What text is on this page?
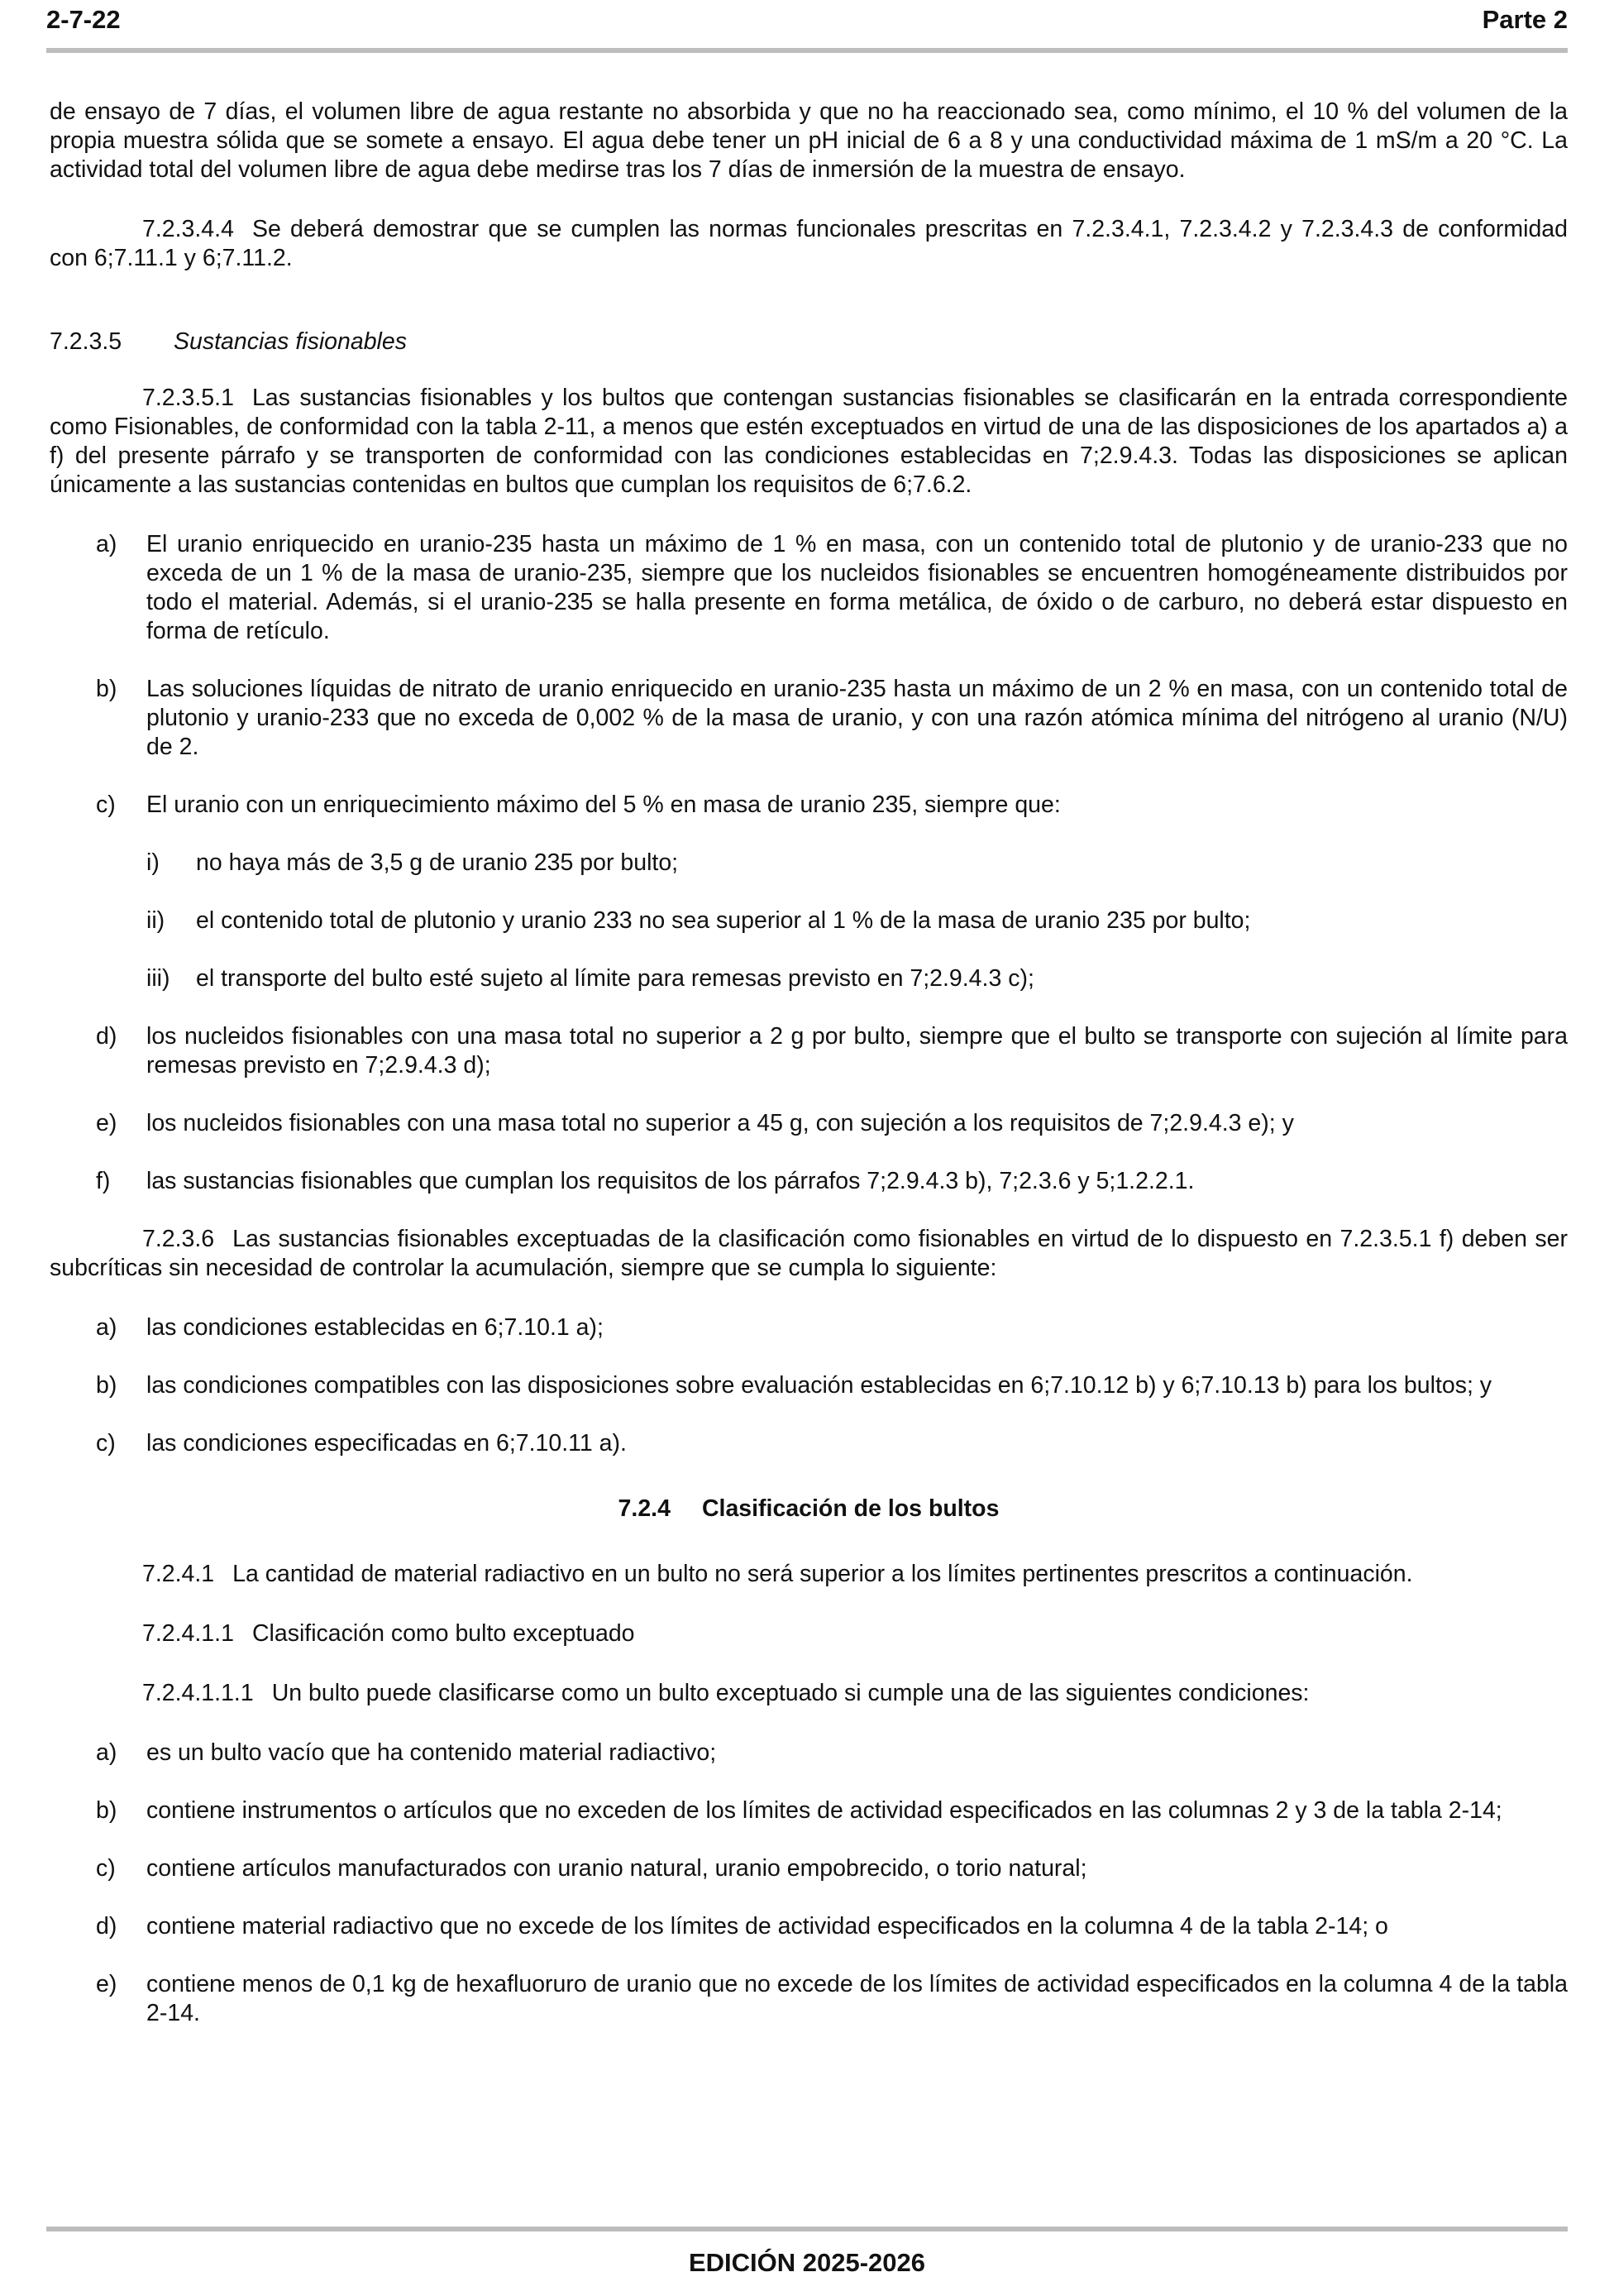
2-7-22	Parte 2

de ensayo de 7 días, el volumen libre de agua restante no absorbida y que no ha reaccionado sea, como mínimo, el 10 % del volumen de la propia muestra sólida que se somete a ensayo. El agua debe tener un pH inicial de 6 a 8 y una conductividad máxima de 1 mS/m a 20 °C. La actividad total del volumen libre de agua debe medirse tras los 7 días de inmersión de la muestra de ensayo.

7.2.3.4.4 Se deberá demostrar que se cumplen las normas funcionales prescritas en 7.2.3.4.1, 7.2.3.4.2 y 7.2.3.4.3 de conformidad con 6;7.11.1 y 6;7.11.2.

7.2.3.5 Sustancias fisionables

7.2.3.5.1 Las sustancias fisionables y los bultos que contengan sustancias fisionables se clasificarán en la entrada correspondiente como Fisionables, de conformidad con la tabla 2-11, a menos que estén exceptuados en virtud de una de las disposiciones de los apartados a) a f) del presente párrafo y se transporten de conformidad con las condiciones establecidas en 7;2.9.4.3. Todas las disposiciones se aplican únicamente a las sustancias contenidas en bultos que cumplan los requisitos de 6;7.6.2.

a) El uranio enriquecido en uranio-235 hasta un máximo de 1 % en masa, con un contenido total de plutonio y de uranio-233 que no exceda de un 1 % de la masa de uranio-235, siempre que los nucleidos fisionables se encuentren homogéneamente distribuidos por todo el material. Además, si el uranio-235 se halla presente en forma metálica, de óxido o de carburo, no deberá estar dispuesto en forma de retículo.
b) Las soluciones líquidas de nitrato de uranio enriquecido en uranio-235 hasta un máximo de un 2 % en masa, con un contenido total de plutonio y uranio-233 que no exceda de 0,002 % de la masa de uranio, y con una razón atómica mínima del nitrógeno al uranio (N/U) de 2.
c) El uranio con un enriquecimiento máximo del 5 % en masa de uranio 235, siempre que:
i) no haya más de 3,5 g de uranio 235 por bulto;
ii) el contenido total de plutonio y uranio 233 no sea superior al 1 % de la masa de uranio 235 por bulto;
iii) el transporte del bulto esté sujeto al límite para remesas previsto en 7;2.9.4.3 c);
d) los nucleidos fisionables con una masa total no superior a 2 g por bulto, siempre que el bulto se transporte con sujeción al límite para remesas previsto en 7;2.9.4.3 d);
e) los nucleidos fisionables con una masa total no superior a 45 g, con sujeción a los requisitos de 7;2.9.4.3 e); y
f) las sustancias fisionables que cumplan los requisitos de los párrafos 7;2.9.4.3 b), 7;2.3.6 y 5;1.2.2.1.

7.2.3.6 Las sustancias fisionables exceptuadas de la clasificación como fisionables en virtud de lo dispuesto en 7.2.3.5.1 f) deben ser subcríticas sin necesidad de controlar la acumulación, siempre que se cumpla lo siguiente:

a) las condiciones establecidas en 6;7.10.1 a);
b) las condiciones compatibles con las disposiciones sobre evaluación establecidas en 6;7.10.12 b) y 6;7.10.13 b) para los bultos; y
c) las condiciones especificadas en 6;7.10.11 a).

7.2.4 Clasificación de los bultos

7.2.4.1 La cantidad de material radiactivo en un bulto no será superior a los límites pertinentes prescritos a continuación.

7.2.4.1.1 Clasificación como bulto exceptuado

7.2.4.1.1.1 Un bulto puede clasificarse como un bulto exceptuado si cumple una de las siguientes condiciones:

a) es un bulto vacío que ha contenido material radiactivo;
b) contiene instrumentos o artículos que no exceden de los límites de actividad especificados en las columnas 2 y 3 de la tabla 2-14;
c) contiene artículos manufacturados con uranio natural, uranio empobrecido, o torio natural;
d) contiene material radiactivo que no excede de los límites de actividad especificados en la columna 4 de la tabla 2-14; o
e) contiene menos de 0,1 kg de hexafluoruro de uranio que no excede de los límites de actividad especificados en la columna 4 de la tabla 2-14.
EDICIÓN 2025-2026
